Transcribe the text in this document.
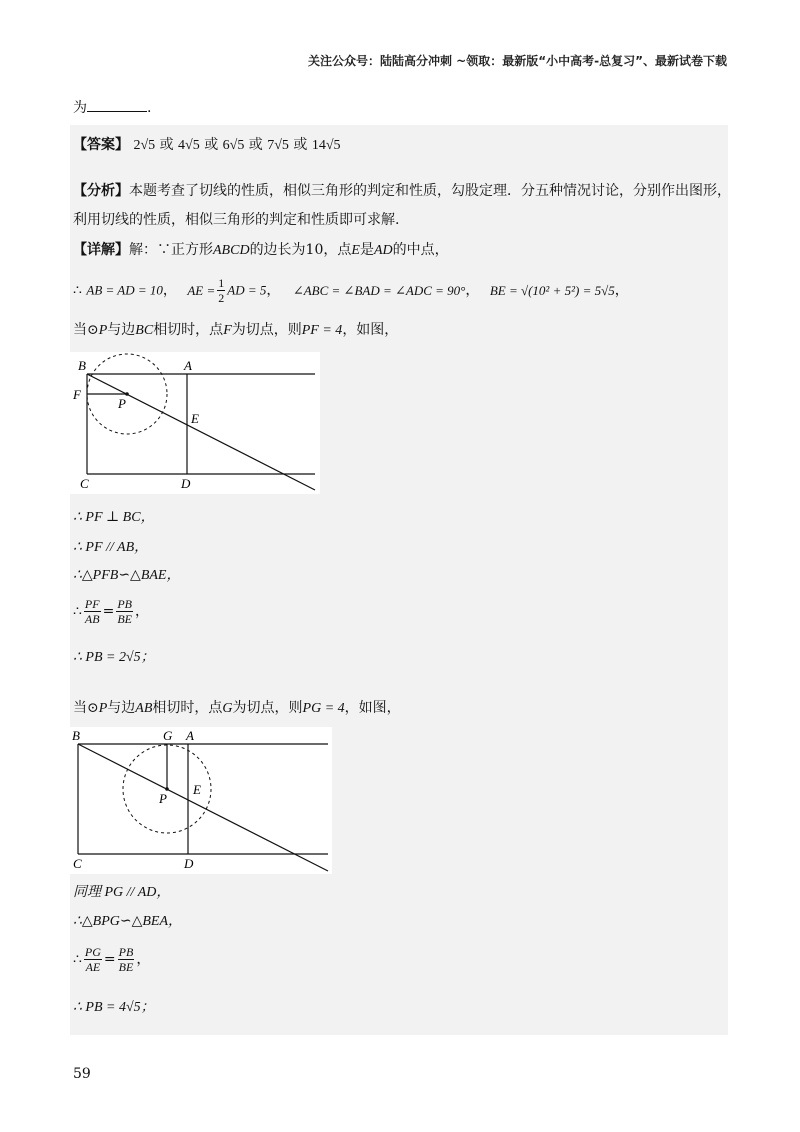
关注公众号：陆陆高分冲刺 ~领取：最新版“小中高考-总复习”、最新试卷下载
为	.
【答案】 2√5 或 4√5 或 6√5 或 7√5 或 14√5
【分析】本题考查了切线的性质，相似三角形的判定和性质，勾股定理．分五种情况讨论，分别作出图形，
利用切线的性质，相似三角形的判定和性质即可求解.
【详解】解：∵正方形ABCD的边长为10，点E是AD的中点，
∴ AB = AD = 10， AE = $\frac{1}{2}$ AD = 5， ∠ABC = ∠BAD = ∠ADC = 90°， BE = √(10² + 5²) = 5√5，
当⊙P与边BC相切时，点F为切点，则PF = 4，如图，
B	A
F
P
E
C	D
∴ PF ⊥ BC，
∴ PF // AB，
∴△PFB∽△BAE，
∴ $\frac{PF}{AB} = \frac{PB}{BE}$ ，
∴ PB = 2√5；
当⊙P与边AB相切时，点G为切点，则PG = 4，如图，
B	G A
P
E
C	D
同理 PG // AD，
∴△BPG∽△BEA，
∴ $\frac{PG}{AE} = \frac{PB}{BE}$ ，
∴ PB = 4√5；
59
